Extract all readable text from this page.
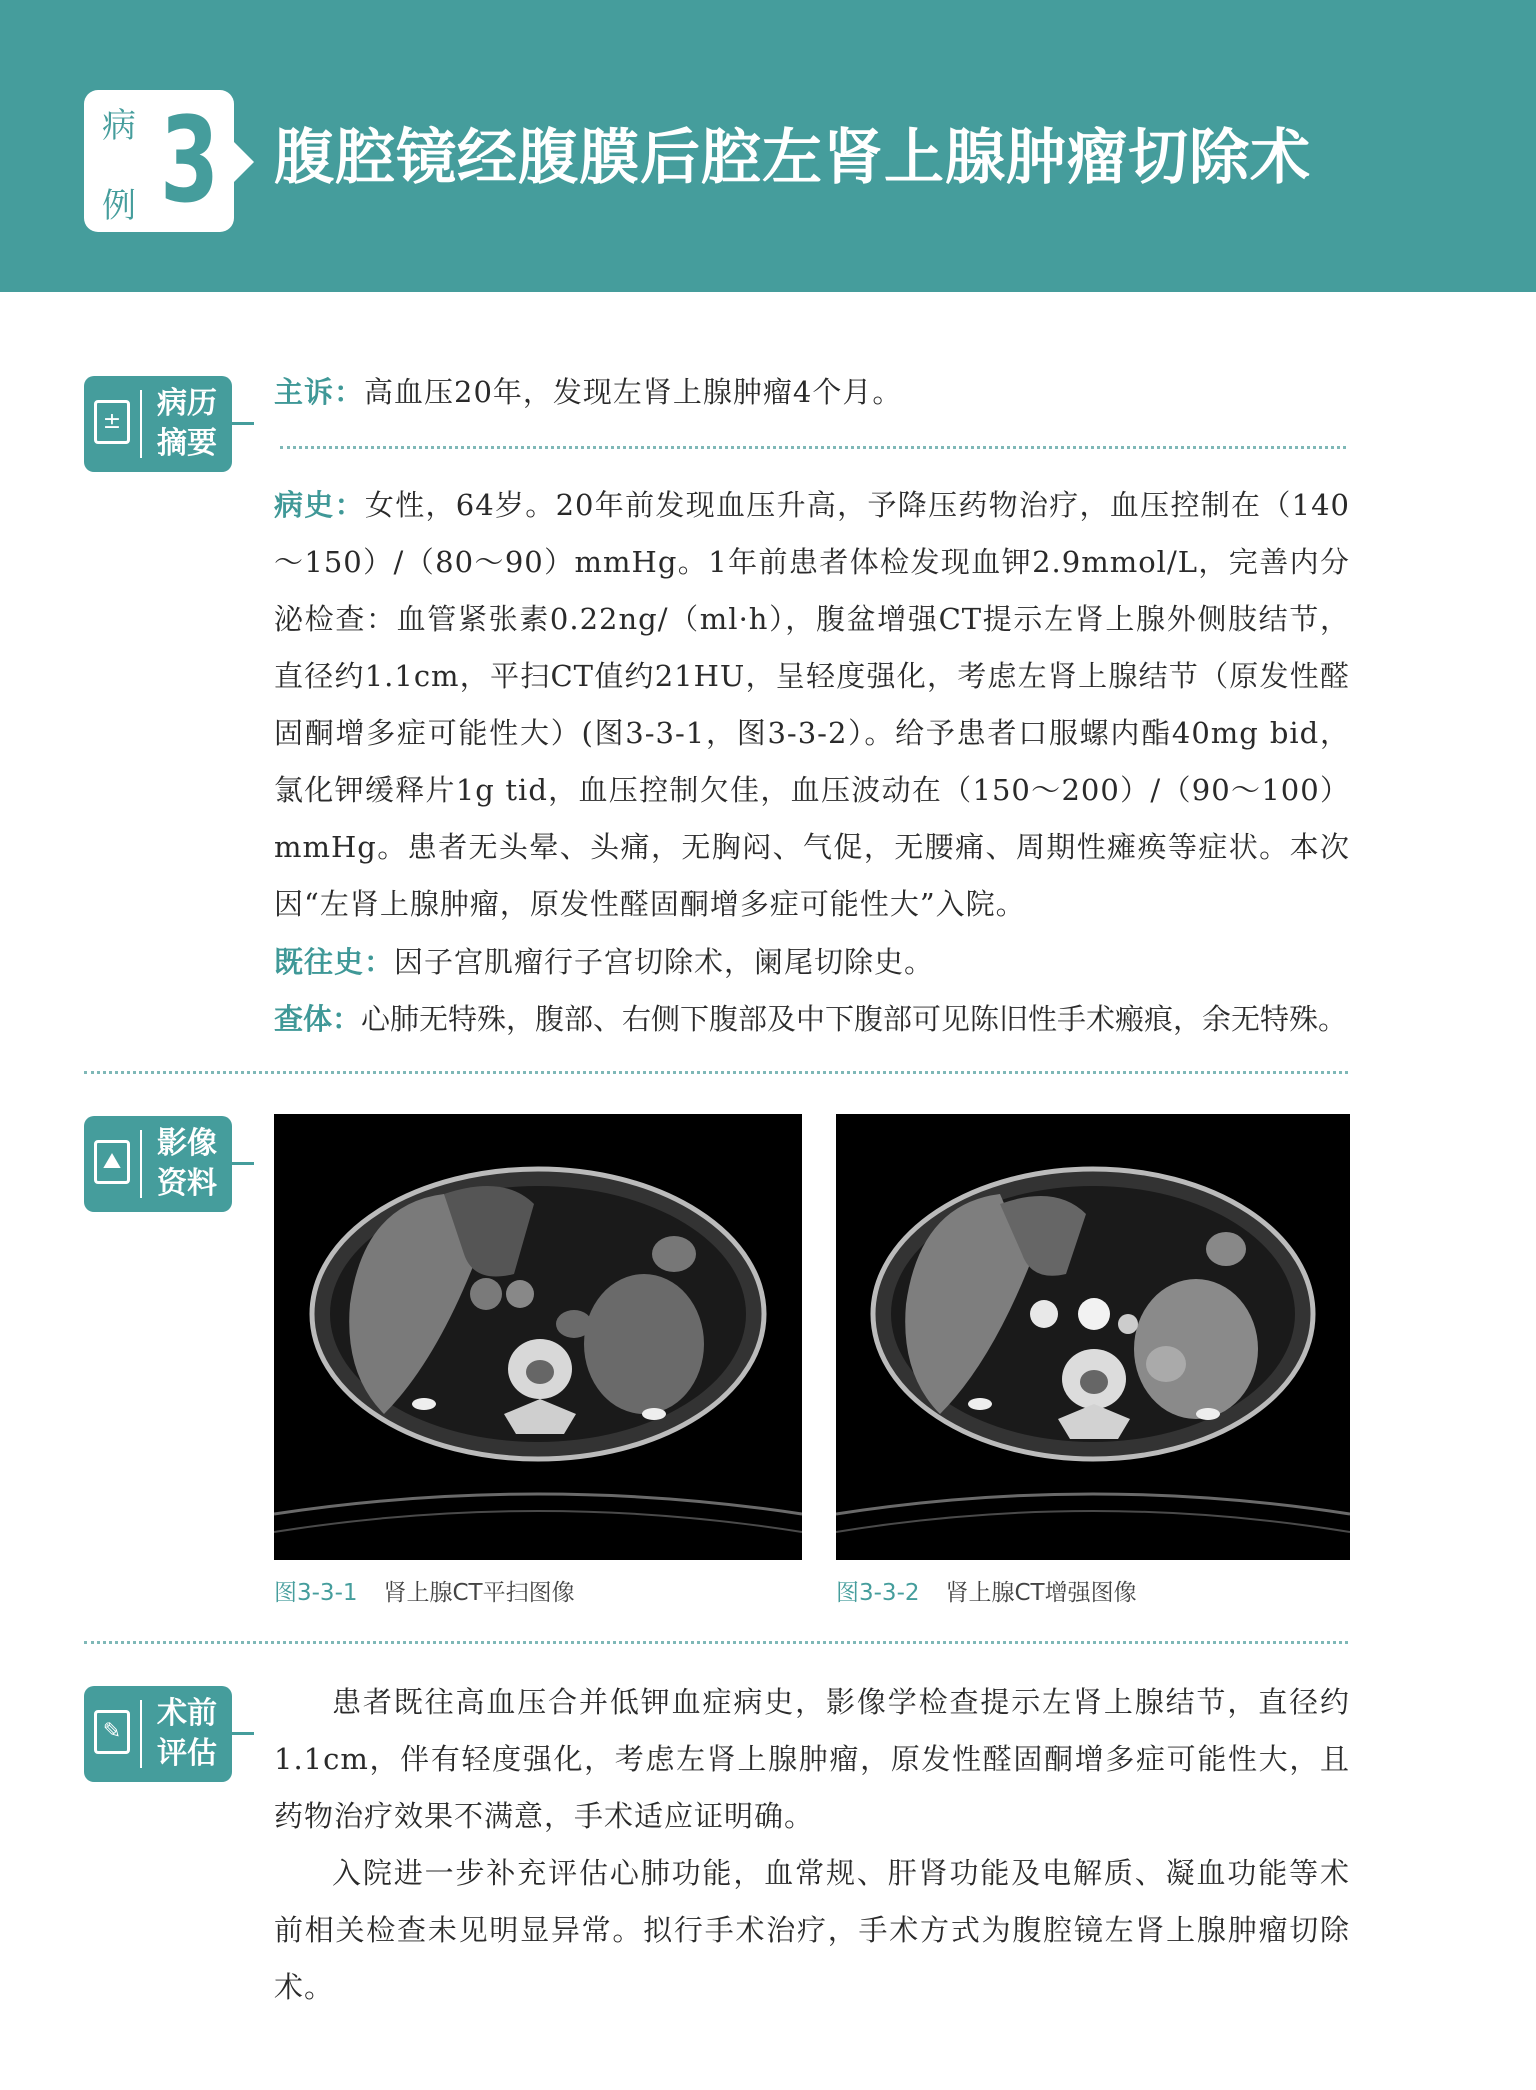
病
例 3 腹腔镜经腹膜后腔左肾上腺肿瘤切除术
±
病历
摘要
主诉：高血压20年，发现左肾上腺肿瘤4个月。
病史：女性，64岁。20年前发现血压升高，予降压药物治疗，血压控制在（140～150）/（80～90）mmHg。1年前患者体检发现血钾2.9mmol/L，完善内分泌检查：血管紧张素0.22ng/（ml·h），腹盆增强CT提示左肾上腺外侧肢结节，直径约1.1cm，平扫CT值约21HU，呈轻度强化，考虑左肾上腺结节（原发性醛固酮增多症可能性大）(图3-3-1，图3-3-2）。给予患者口服螺内酯40mg bid，氯化钾缓释片1g tid，血压控制欠佳，血压波动在（150～200）/（90～100）mmHg。患者无头晕、头痛，无胸闷、气促，无腰痛、周期性瘫痪等症状。本次因“左肾上腺肿瘤，原发性醛固酮增多症可能性大”入院。
既往史：因子宫肌瘤行子宫切除术，阑尾切除史。
查体：心肺无特殊，腹部、右侧下腹部及中下腹部可见陈旧性手术瘢痕，余无特殊。
⛰
影像
资料
图3-3-1 肾上腺CT平扫图像	图3-3-2 肾上腺CT增强图像
✎
术前
评估
患者既往高血压合并低钾血症病史，影像学检查提示左肾上腺结节，直径约1.1cm，伴有轻度强化，考虑左肾上腺肿瘤，原发性醛固酮增多症可能性大，且药物治疗效果不满意，手术适应证明确。
入院进一步补充评估心肺功能，血常规、肝肾功能及电解质、凝血功能等术前相关检查未见明显异常。拟行手术治疗，手术方式为腹腔镜左肾上腺肿瘤切除术。
